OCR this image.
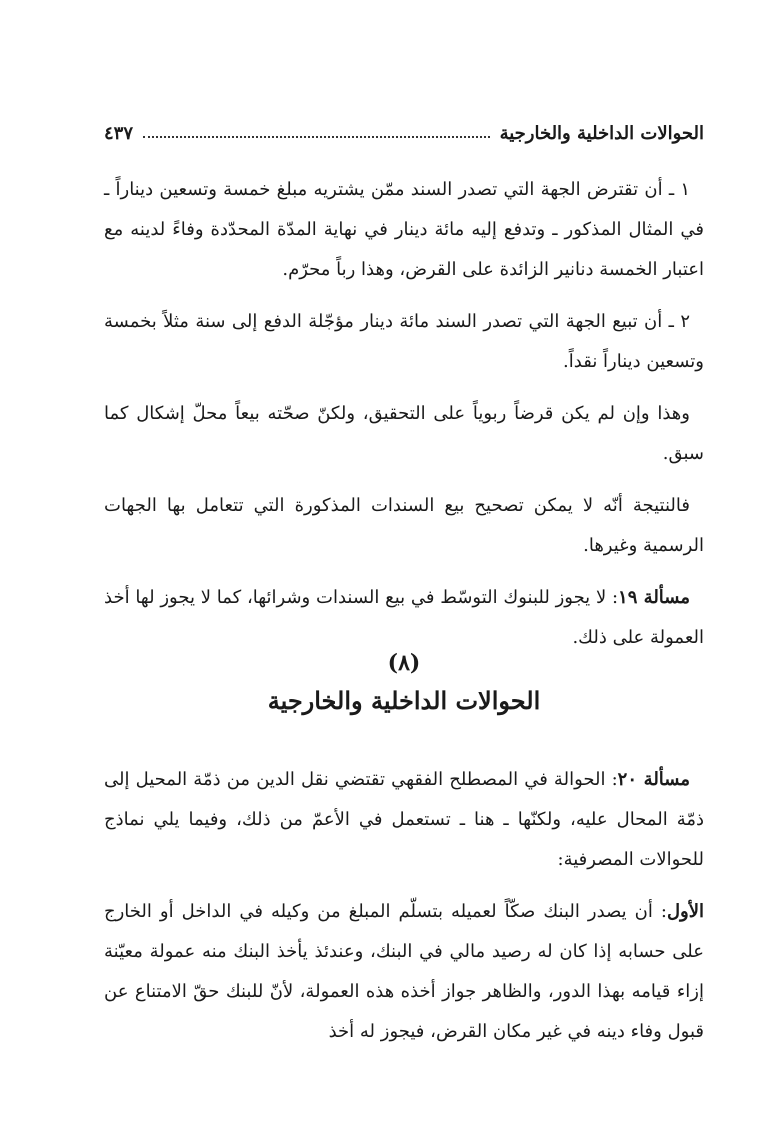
الحوالات الداخلية والخارجية
٤٣٧

١ ـ أن تقترض الجهة التي تصدر السند ممّن يشتريه مبلغ خمسة وتسعين ديناراً ـ في المثال المذكور ـ وتدفع إليه مائة دينار في نهاية المدّة المحدّدة وفاءً لدينه مع اعتبار الخمسة دنانير الزائدة على القرض، وهذا رباً محرّم.

٢ ـ أن تبيع الجهة التي تصدر السند مائة دينار مؤجّلة الدفع إلى سنة مثلاً بخمسة وتسعين ديناراً نقداً.

وهذا وإن لم يكن قرضاً ربوياً على التحقيق، ولكنّ صحّته بيعاً محلّ إشكال كما سبق.

فالنتيجة أنّه لا يمكن تصحيح بيع السندات المذكورة التي تتعامل بها الجهات الرسمية وغيرها.

مسألة ١٩: لا يجوز للبنوك التوسّط في بيع السندات وشرائها، كما لا يجوز لها أخذ العمولة على ذلك.

(٨)
الحوالات الداخلية والخارجية

مسألة ٢٠: الحوالة في المصطلح الفقهي تقتضي نقل الدين من ذمّة المحيل إلى ذمّة المحال عليه، ولكنّها ـ هنا ـ تستعمل في الأعمّ من ذلك، وفيما يلي نماذج للحوالات المصرفية:

الأول: أن يصدر البنك صكّاً لعميله بتسلّم المبلغ من وكيله في الداخل أو الخارج على حسابه إذا كان له رصيد مالي في البنك، وعندئذ يأخذ البنك منه عمولة معيّنة إزاء قيامه بهذا الدور، والظاهر جواز أخذه هذه العمولة، لأنّ للبنك حقّ الامتناع عن قبول وفاء دينه في غير مكان القرض، فيجوز له أخذ
